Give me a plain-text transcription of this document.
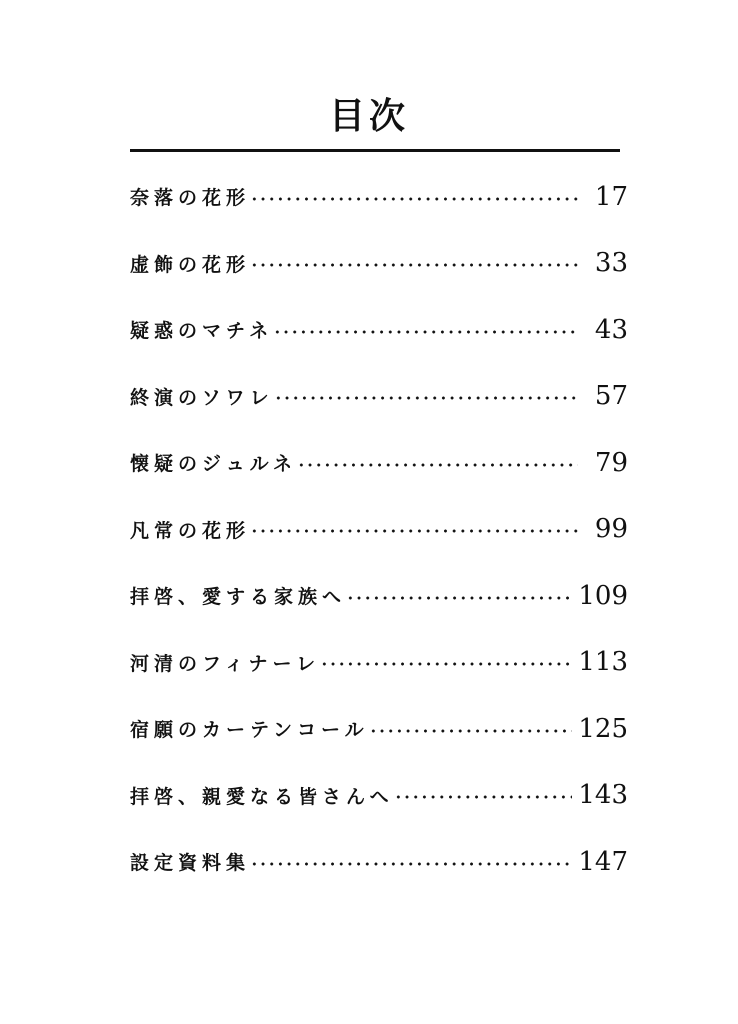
目次
奈落の花形	17
虚飾の花形	33
疑惑のマチネ	43
終演のソワレ	57
懐疑のジュルネ	79
凡常の花形	99
拝啓、愛する家族へ	109
河清のフィナーレ	113
宿願のカーテンコール	125
拝啓、親愛なる皆さんへ	143
設定資料集	147
